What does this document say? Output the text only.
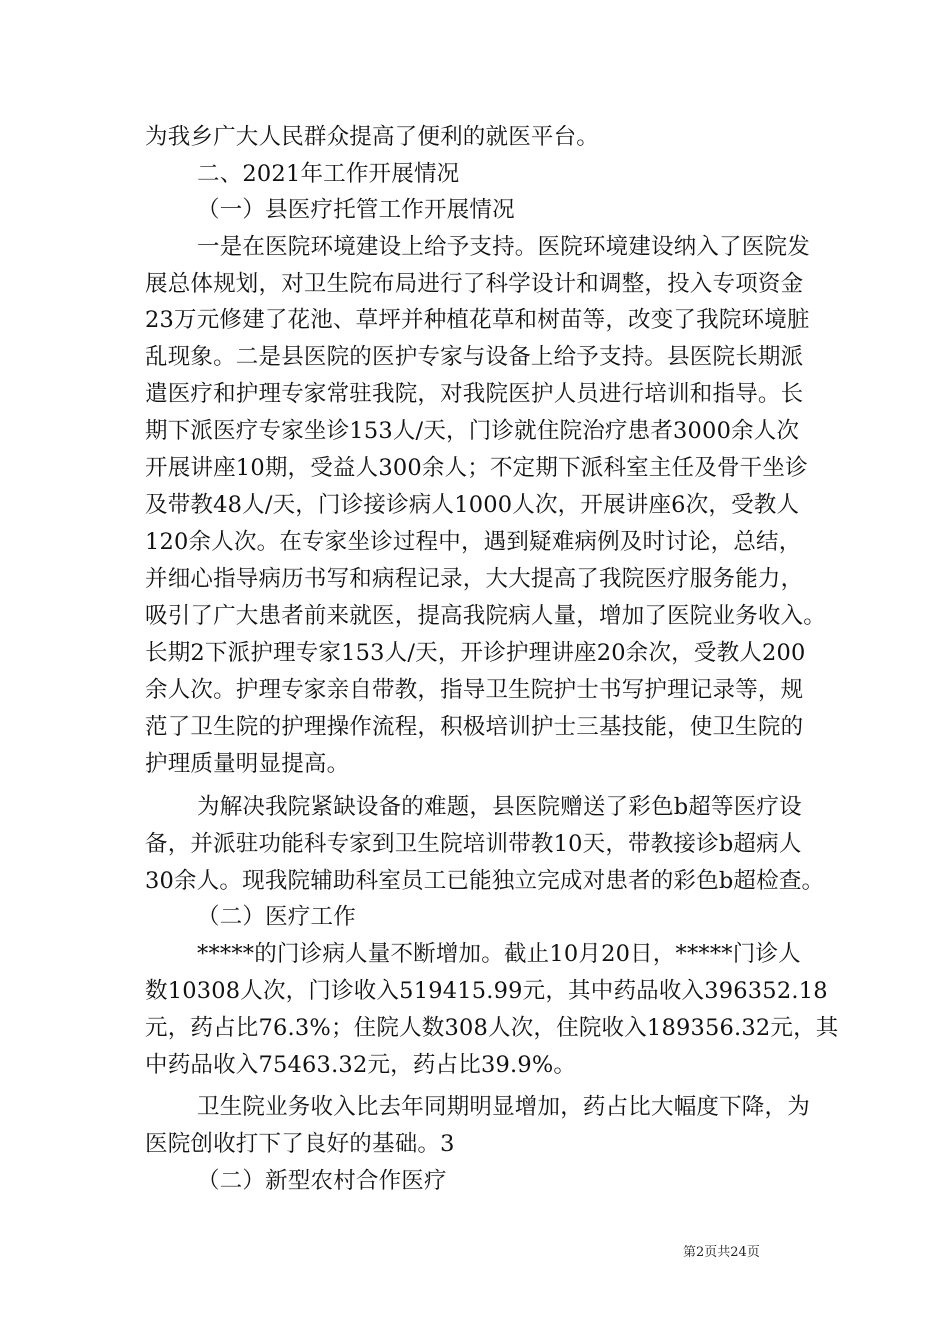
为我乡广大人民群众提高了便利的就医平台。
二、2021年工作开展情况
（一）县医疗托管工作开展情况
一是在医院环境建设上给予支持。医院环境建设纳入了医院发
展总体规划，对卫生院布局进行了科学设计和调整，投入专项资金
23万元修建了花池、草坪并种植花草和树苗等，改变了我院环境脏
乱现象。二是县医院的医护专家与设备上给予支持。县医院长期派
遣医疗和护理专家常驻我院，对我院医护人员进行培训和指导。长
期下派医疗专家坐诊153人/天，门诊就住院治疗患者3000余人次
开展讲座10期，受益人300余人；不定期下派科室主任及骨干坐诊
及带教48人/天，门诊接诊病人1000人次，开展讲座6次，受教人
120余人次。在专家坐诊过程中，遇到疑难病例及时讨论，总结，
并细心指导病历书写和病程记录，大大提高了我院医疗服务能力，
吸引了广大患者前来就医，提高我院病人量，增加了医院业务收入。
长期2下派护理专家153人/天，开诊护理讲座20余次，受教人200
余人次。护理专家亲自带教，指导卫生院护士书写护理记录等，规
范了卫生院的护理操作流程，积极培训护士三基技能，使卫生院的
护理质量明显提高。
为解决我院紧缺设备的难题，县医院赠送了彩色b超等医疗设
备，并派驻功能科专家到卫生院培训带教10天，带教接诊b超病人
30余人。现我院辅助科室员工已能独立完成对患者的彩色b超检查。
（二）医疗工作
*****的门诊病人量不断增加。截止10月20日，*****门诊人
数10308人次，门诊收入519415.99元，其中药品收入396352.18
元，药占比76.3%；住院人数308人次，住院收入189356.32元，其
中药品收入75463.32元，药占比39.9%。
卫生院业务收入比去年同期明显增加，药占比大幅度下降，为
医院创收打下了良好的基础。3
（二）新型农村合作医疗
第2页共24页
